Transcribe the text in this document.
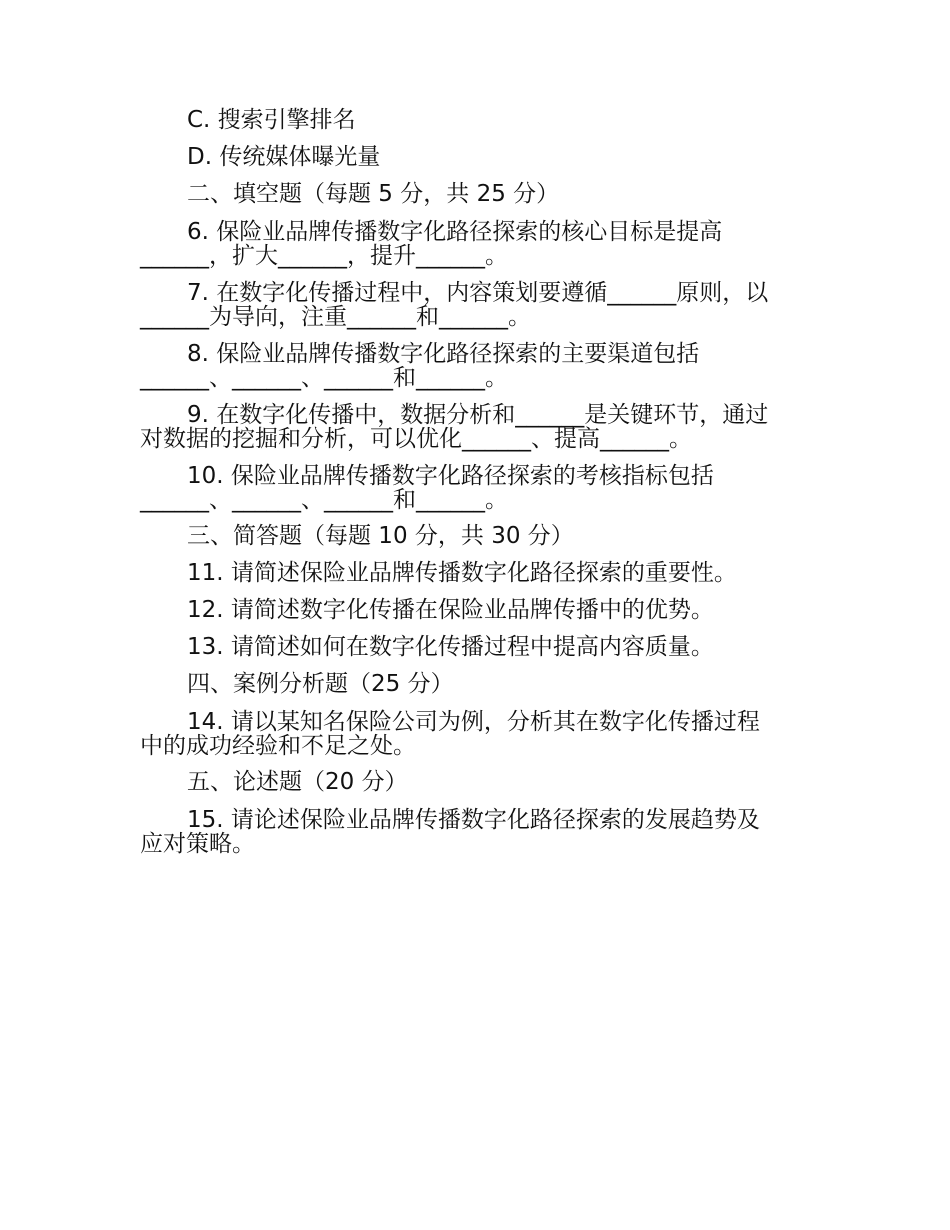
C. 搜索引擎排名
D. 传统媒体曝光量
二、填空题（每题 5 分，共 25 分）
6. 保险业品牌传播数字化路径探索的核心目标是提高
______，扩大______，提升______。
7. 在数字化传播过程中，内容策划要遵循______原则，以
______为导向，注重______和______。
8. 保险业品牌传播数字化路径探索的主要渠道包括
______、______、______和______。
9. 在数字化传播中，数据分析和______是关键环节，通过
对数据的挖掘和分析，可以优化______、提高______。
10. 保险业品牌传播数字化路径探索的考核指标包括
______、______、______和______。
三、简答题（每题 10 分，共 30 分）
11. 请简述保险业品牌传播数字化路径探索的重要性。
12. 请简述数字化传播在保险业品牌传播中的优势。
13. 请简述如何在数字化传播过程中提高内容质量。
四、案例分析题（25 分）
14. 请以某知名保险公司为例，分析其在数字化传播过程
中的成功经验和不足之处。
五、论述题（20 分）
15. 请论述保险业品牌传播数字化路径探索的发展趋势及
应对策略。
